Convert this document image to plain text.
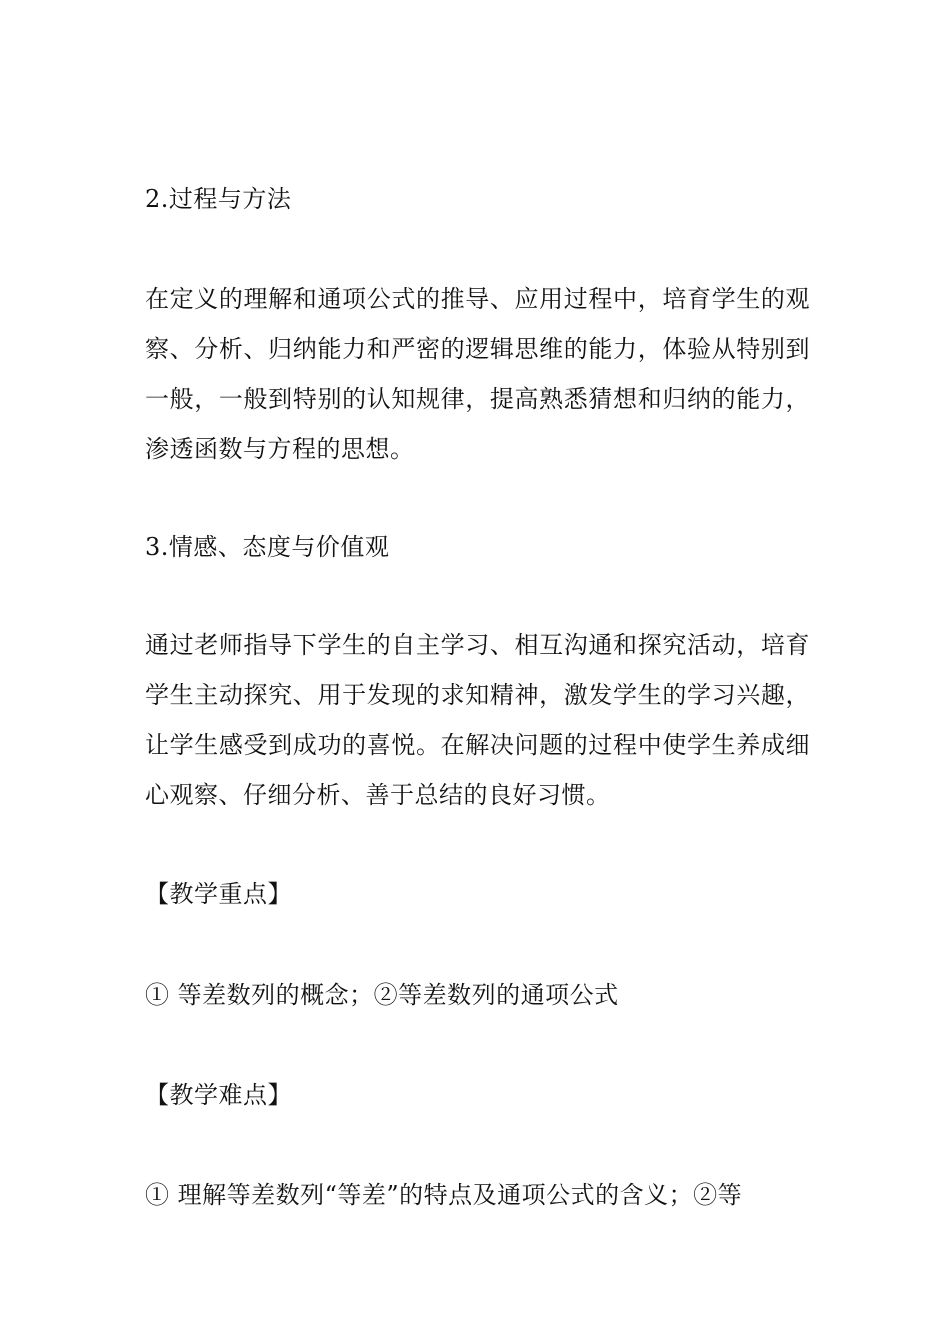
2.过程与方法
在定义的理解和通项公式的推导、应用过程中，培育学生的观察、分析、归纳能力和严密的逻辑思维的能力，体验从特别到一般，一般到特别的认知规律，提高熟悉猜想和归纳的能力，渗透函数与方程的思想。
3.情感、态度与价值观
通过老师指导下学生的自主学习、相互沟通和探究活动，培育学生主动探究、用于发现的求知精神，激发学生的学习兴趣，让学生感受到成功的喜悦。在解决问题的过程中使学生养成细心观察、仔细分析、善于总结的良好习惯。
【教学重点】
① 等差数列的概念；②等差数列的通项公式
【教学难点】
① 理解等差数列“等差”的特点及通项公式的含义；②等
